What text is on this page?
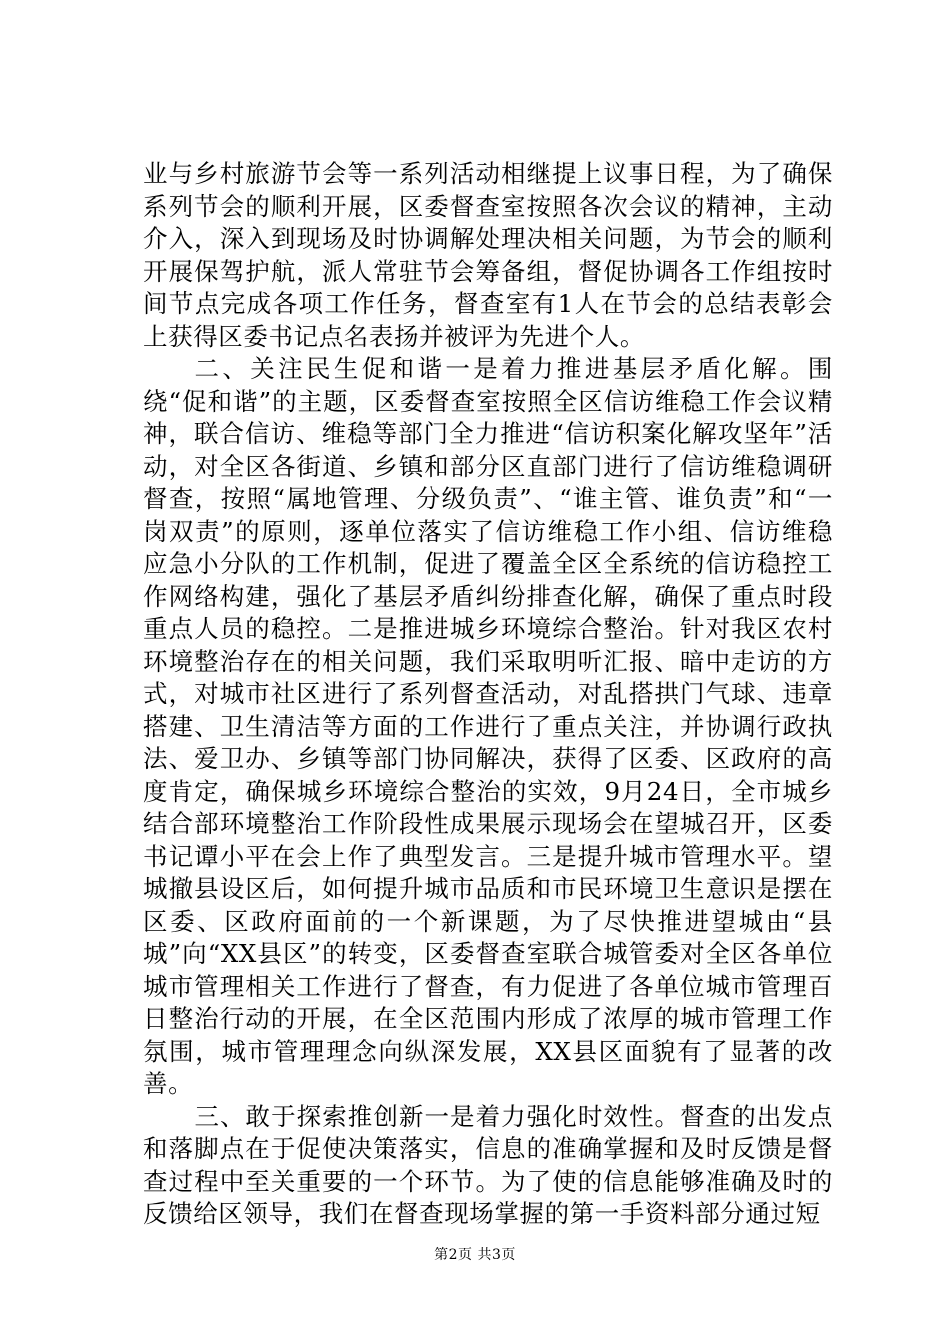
业与乡村旅游节会等一系列活动相继提上议事日程，为了确保系列节会的顺利开展，区委督查室按照各次会议的精神，主动介入，深入到现场及时协调解处理决相关问题，为节会的顺利开展保驾护航，派人常驻节会筹备组，督促协调各工作组按时间节点完成各项工作任务，督查室有1人在节会的总结表彰会上获得区委书记点名表扬并被评为先进个人。

二、关注民生促和谐一是着力推进基层矛盾化解。围绕“促和谐”的主题，区委督查室按照全区信访维稳工作会议精神，联合信访、维稳等部门全力推进“信访积案化解攻坚年”活动，对全区各街道、乡镇和部分区直部门进行了信访维稳调研督查，按照“属地管理、分级负责”、“谁主管、谁负责”和“一岗双责”的原则，逐单位落实了信访维稳工作小组、信访维稳应急小分队的工作机制，促进了覆盖全区全系统的信访稳控工作网络构建，强化了基层矛盾纠纷排查化解，确保了重点时段重点人员的稳控。二是推进城乡环境综合整治。针对我区农村环境整治存在的相关问题，我们采取明听汇报、暗中走访的方式，对城市社区进行了系列督查活动，对乱搭拱门气球、违章搭建、卫生清洁等方面的工作进行了重点关注，并协调行政执法、爱卫办、乡镇等部门协同解决，获得了区委、区政府的高度肯定，确保城乡环境综合整治的实效，9月24日，全市城乡结合部环境整治工作阶段性成果展示现场会在望城召开，区委书记谭小平在会上作了典型发言。三是提升城市管理水平。望城撤县设区后，如何提升城市品质和市民环境卫生意识是摆在区委、区政府面前的一个新课题，为了尽快推进望城由“县城”向“XX县区”的转变，区委督查室联合城管委对全区各单位城市管理相关工作进行了督查，有力促进了各单位城市管理百日整治行动的开展，在全区范围内形成了浓厚的城市管理工作氛围，城市管理理念向纵深发展，XX县区面貌有了显著的改善。

三、敢于探索推创新一是着力强化时效性。督查的出发点和落脚点在于促使决策落实，信息的准确掌握和及时反馈是督查过程中至关重要的一个环节。为了使的信息能够准确及时的反馈给区领导，我们在督查现场掌握的第一手资料部分通过短

第2页 共3页
